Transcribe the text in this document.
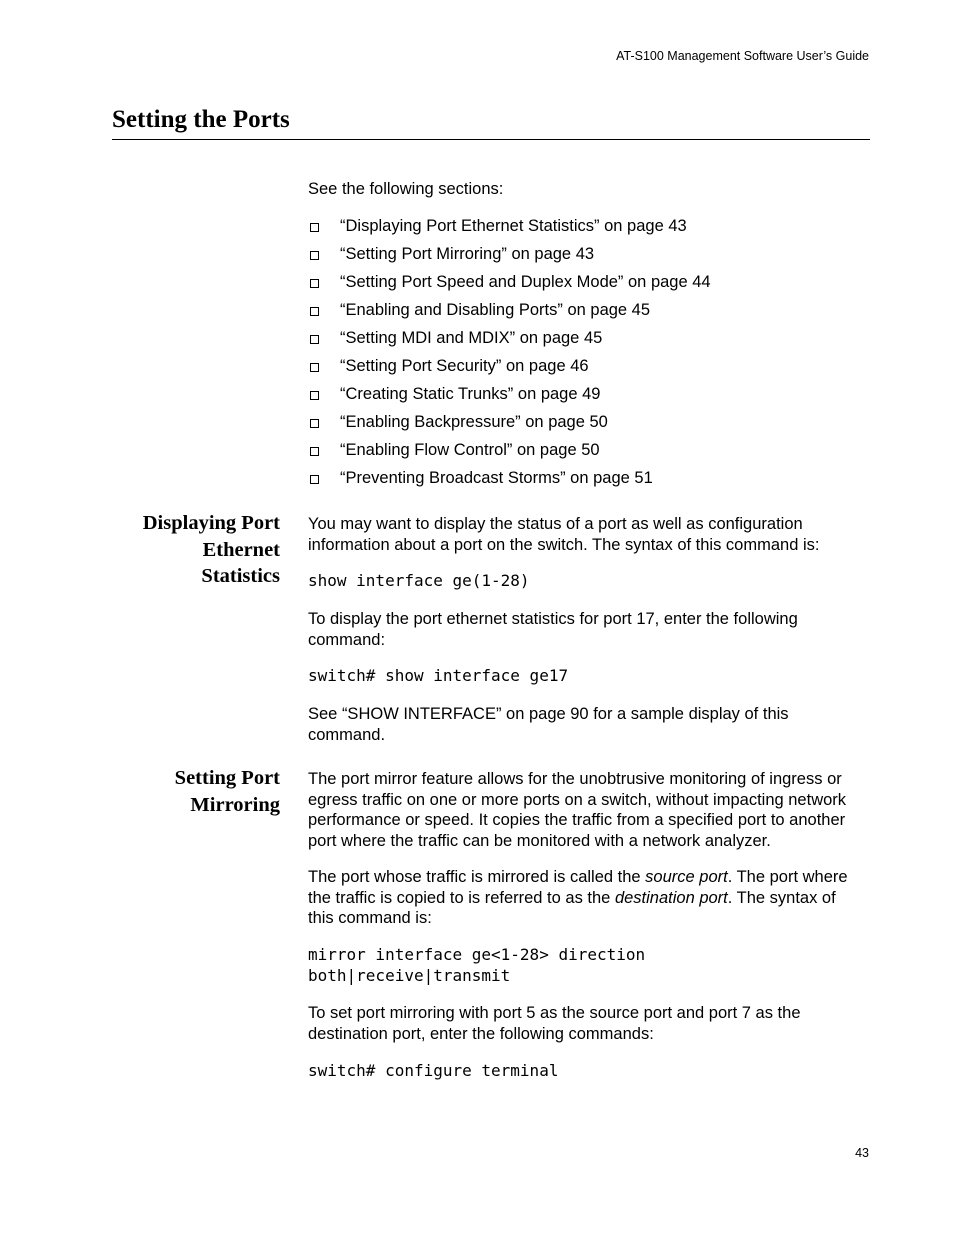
AT-S100 Management Software User’s Guide
Setting the Ports

See the following sections:

“Displaying Port Ethernet Statistics” on page 43
“Setting Port Mirroring” on page 43
“Setting Port Speed and Duplex Mode” on page 44
“Enabling and Disabling Ports” on page 45
“Setting MDI and MDIX” on page 45
“Setting Port Security” on page 46
“Creating Static Trunks” on page 49
“Enabling Backpressure” on page 50
“Enabling Flow Control” on page 50
“Preventing Broadcast Storms” on page 51
Displaying Port
Ethernet
Statistics

You may want to display the status of a port as well as configuration

information about a port on the switch. The syntax of this command is:

show interface ge(1-28)

To display the port ethernet statistics for port 17, enter the following

command:

switch# show interface ge17

See “SHOW INTERFACE” on page 90 for a sample display of this

command.

Setting Port
Mirroring

The port mirror feature allows for the unobtrusive monitoring of ingress or

egress traffic on one or more ports on a switch, without impacting network

performance or speed. It copies the traffic from a specified port to another

port where the traffic can be monitored with a network analyzer.

The port whose traffic is mirrored is called the source port. The port where

the traffic is copied to is referred to as the destination port. The syntax of

this command is:

mirror interface ge<1-28> direction
both|receive|transmit

To set port mirroring with port 5 as the source port and port 7 as the

destination port, enter the following commands:

switch# configure terminal
43
